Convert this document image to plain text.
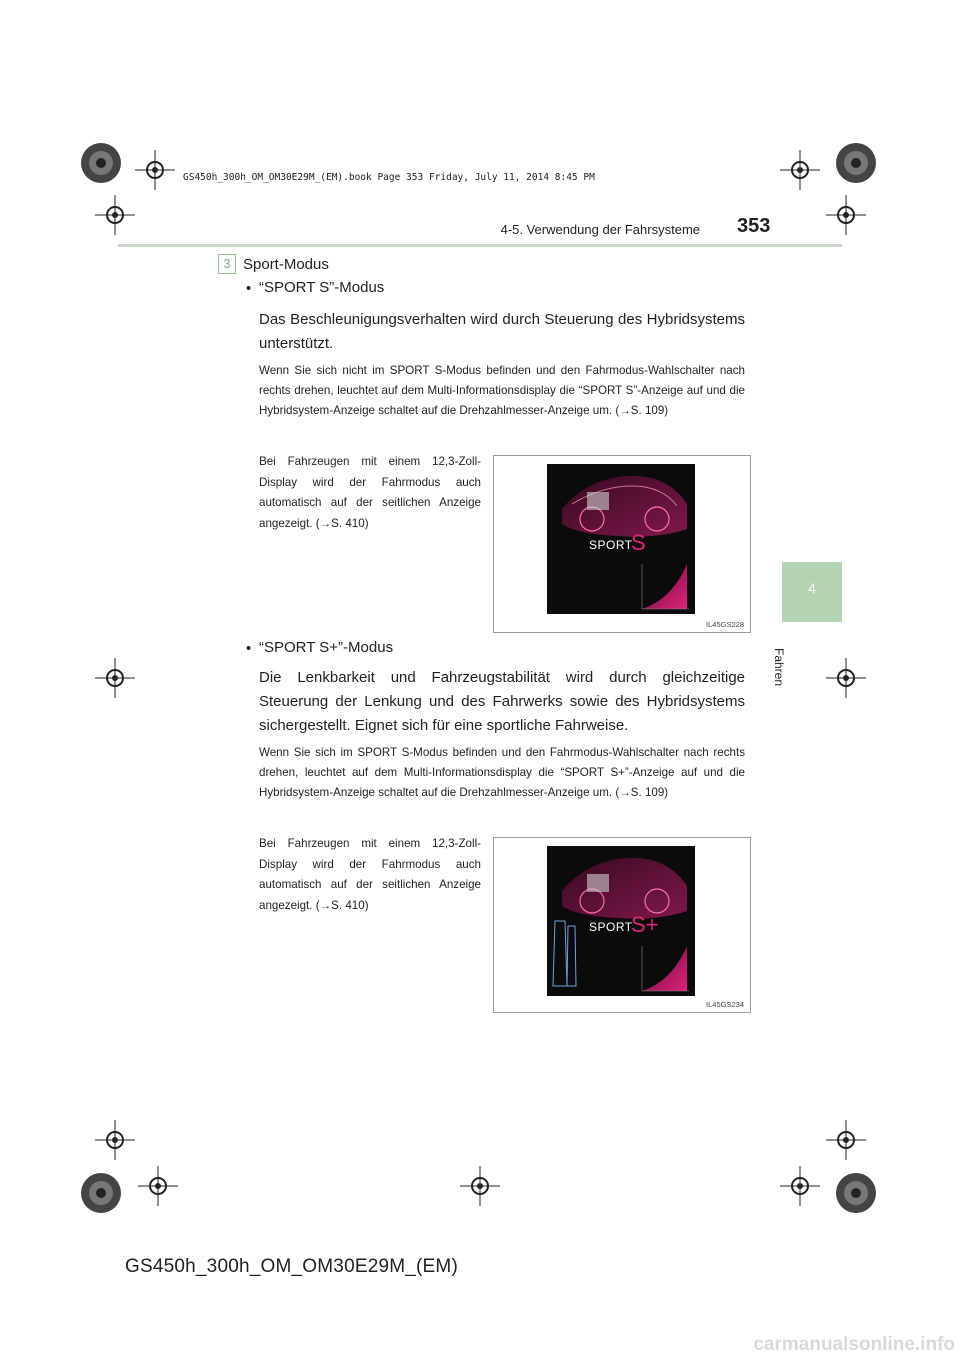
GS450h_300h_OM_OM30E29M_(EM).book Page 353 Friday, July 11, 2014 8:45 PM
4-5. Verwendung der Fahrsysteme 353
4
Fahren
3 Sport-Modus
• “SPORT S”-Modus
Das Beschleunigungsverhalten wird durch Steuerung des Hybridsystems unterstützt.
Wenn Sie sich nicht im SPORT S-Modus befinden und den Fahrmodus-Wahlschalter nach rechts drehen, leuchtet auf dem Multi-Informationsdisplay die “SPORT S”-Anzeige auf und die Hybridsystem-Anzeige schaltet auf die Drehzahlmesser-Anzeige um. (→S. 109)
Bei Fahrzeugen mit einem 12,3-Zoll-Display wird der Fahrmodus auch automatisch auf der seitlichen Anzeige angezeigt. (→S. 410)
SPORT
S
IL45GS228
• “SPORT S+”-Modus
Die Lenkbarkeit und Fahrzeugstabilität wird durch gleichzeitige Steuerung der Lenkung und des Fahrwerks sowie des Hybridsystems sichergestellt. Eignet sich für eine sportliche Fahrweise.
Wenn Sie sich im SPORT S-Modus befinden und den Fahrmodus-Wahlschalter nach rechts drehen, leuchtet auf dem Multi-Informationsdisplay die “SPORT S+”-Anzeige auf und die Hybridsystem-Anzeige schaltet auf die Drehzahlmesser-Anzeige um. (→S. 109)
Bei Fahrzeugen mit einem 12,3-Zoll-Display wird der Fahrmodus auch automatisch auf der seitlichen Anzeige angezeigt. (→S. 410)
SPORT
S+
IL45GS234
GS450h_300h_OM_OM30E29M_(EM)
carmanualsonline.info
